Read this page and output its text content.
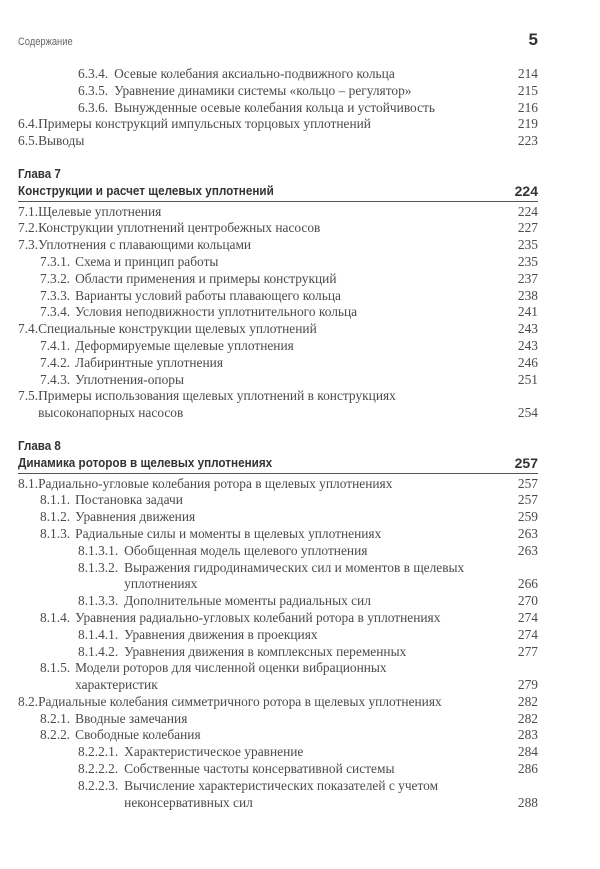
Содержание	5
6.3.4. Осевые колебания аксиально-подвижного кольца	214
6.3.5. Уравнение динамики системы «кольцо – регулятор»	215
6.3.6. Вынужденные осевые колебания кольца и устойчивость	216
6.4. Примеры конструкций импульсных торцовых уплотнений	219
6.5. Выводы	223
Глава 7
Конструкции и расчет щелевых уплотнений	224
7.1. Щелевые уплотнения	224
7.2. Конструкции уплотнений центробежных насосов	227
7.3. Уплотнения с плавающими кольцами	235
7.3.1. Схема и принцип работы	235
7.3.2. Области применения и примеры конструкций	237
7.3.3. Варианты условий работы плавающего кольца	238
7.3.4. Условия неподвижности уплотнительного кольца	241
7.4. Специальные конструкции щелевых уплотнений	243
7.4.1. Деформируемые щелевые уплотнения	243
7.4.2. Лабиринтные уплотнения	246
7.4.3. Уплотнения-опоры	251
7.5. Примеры использования щелевых уплотнений в конструкциях высоконапорных насосов	254
Глава 8
Динамика роторов в щелевых уплотнениях	257
8.1. Радиально-угловые колебания ротора в щелевых уплотнениях	257
8.1.1. Постановка задачи	257
8.1.2. Уравнения движения	259
8.1.3. Радиальные силы и моменты в щелевых уплотнениях	263
8.1.3.1. Обобщенная модель щелевого уплотнения	263
8.1.3.2. Выражения гидродинамических сил и моментов в щелевых уплотнениях	266
8.1.3.3. Дополнительные моменты радиальных сил	270
8.1.4. Уравнения радиально-угловых колебаний ротора в уплотнениях	274
8.1.4.1. Уравнения движения в проекциях	274
8.1.4.2. Уравнения движения в комплексных переменных	277
8.1.5. Модели роторов для численной оценки вибрационных характеристик	279
8.2. Радиальные колебания симметричного ротора в щелевых уплотнениях	282
8.2.1. Вводные замечания	282
8.2.2. Свободные колебания	283
8.2.2.1. Характеристическое уравнение	284
8.2.2.2. Собственные частоты консервативной системы	286
8.2.2.3. Вычисление характеристических показателей с учетом неконсервативных сил	288
